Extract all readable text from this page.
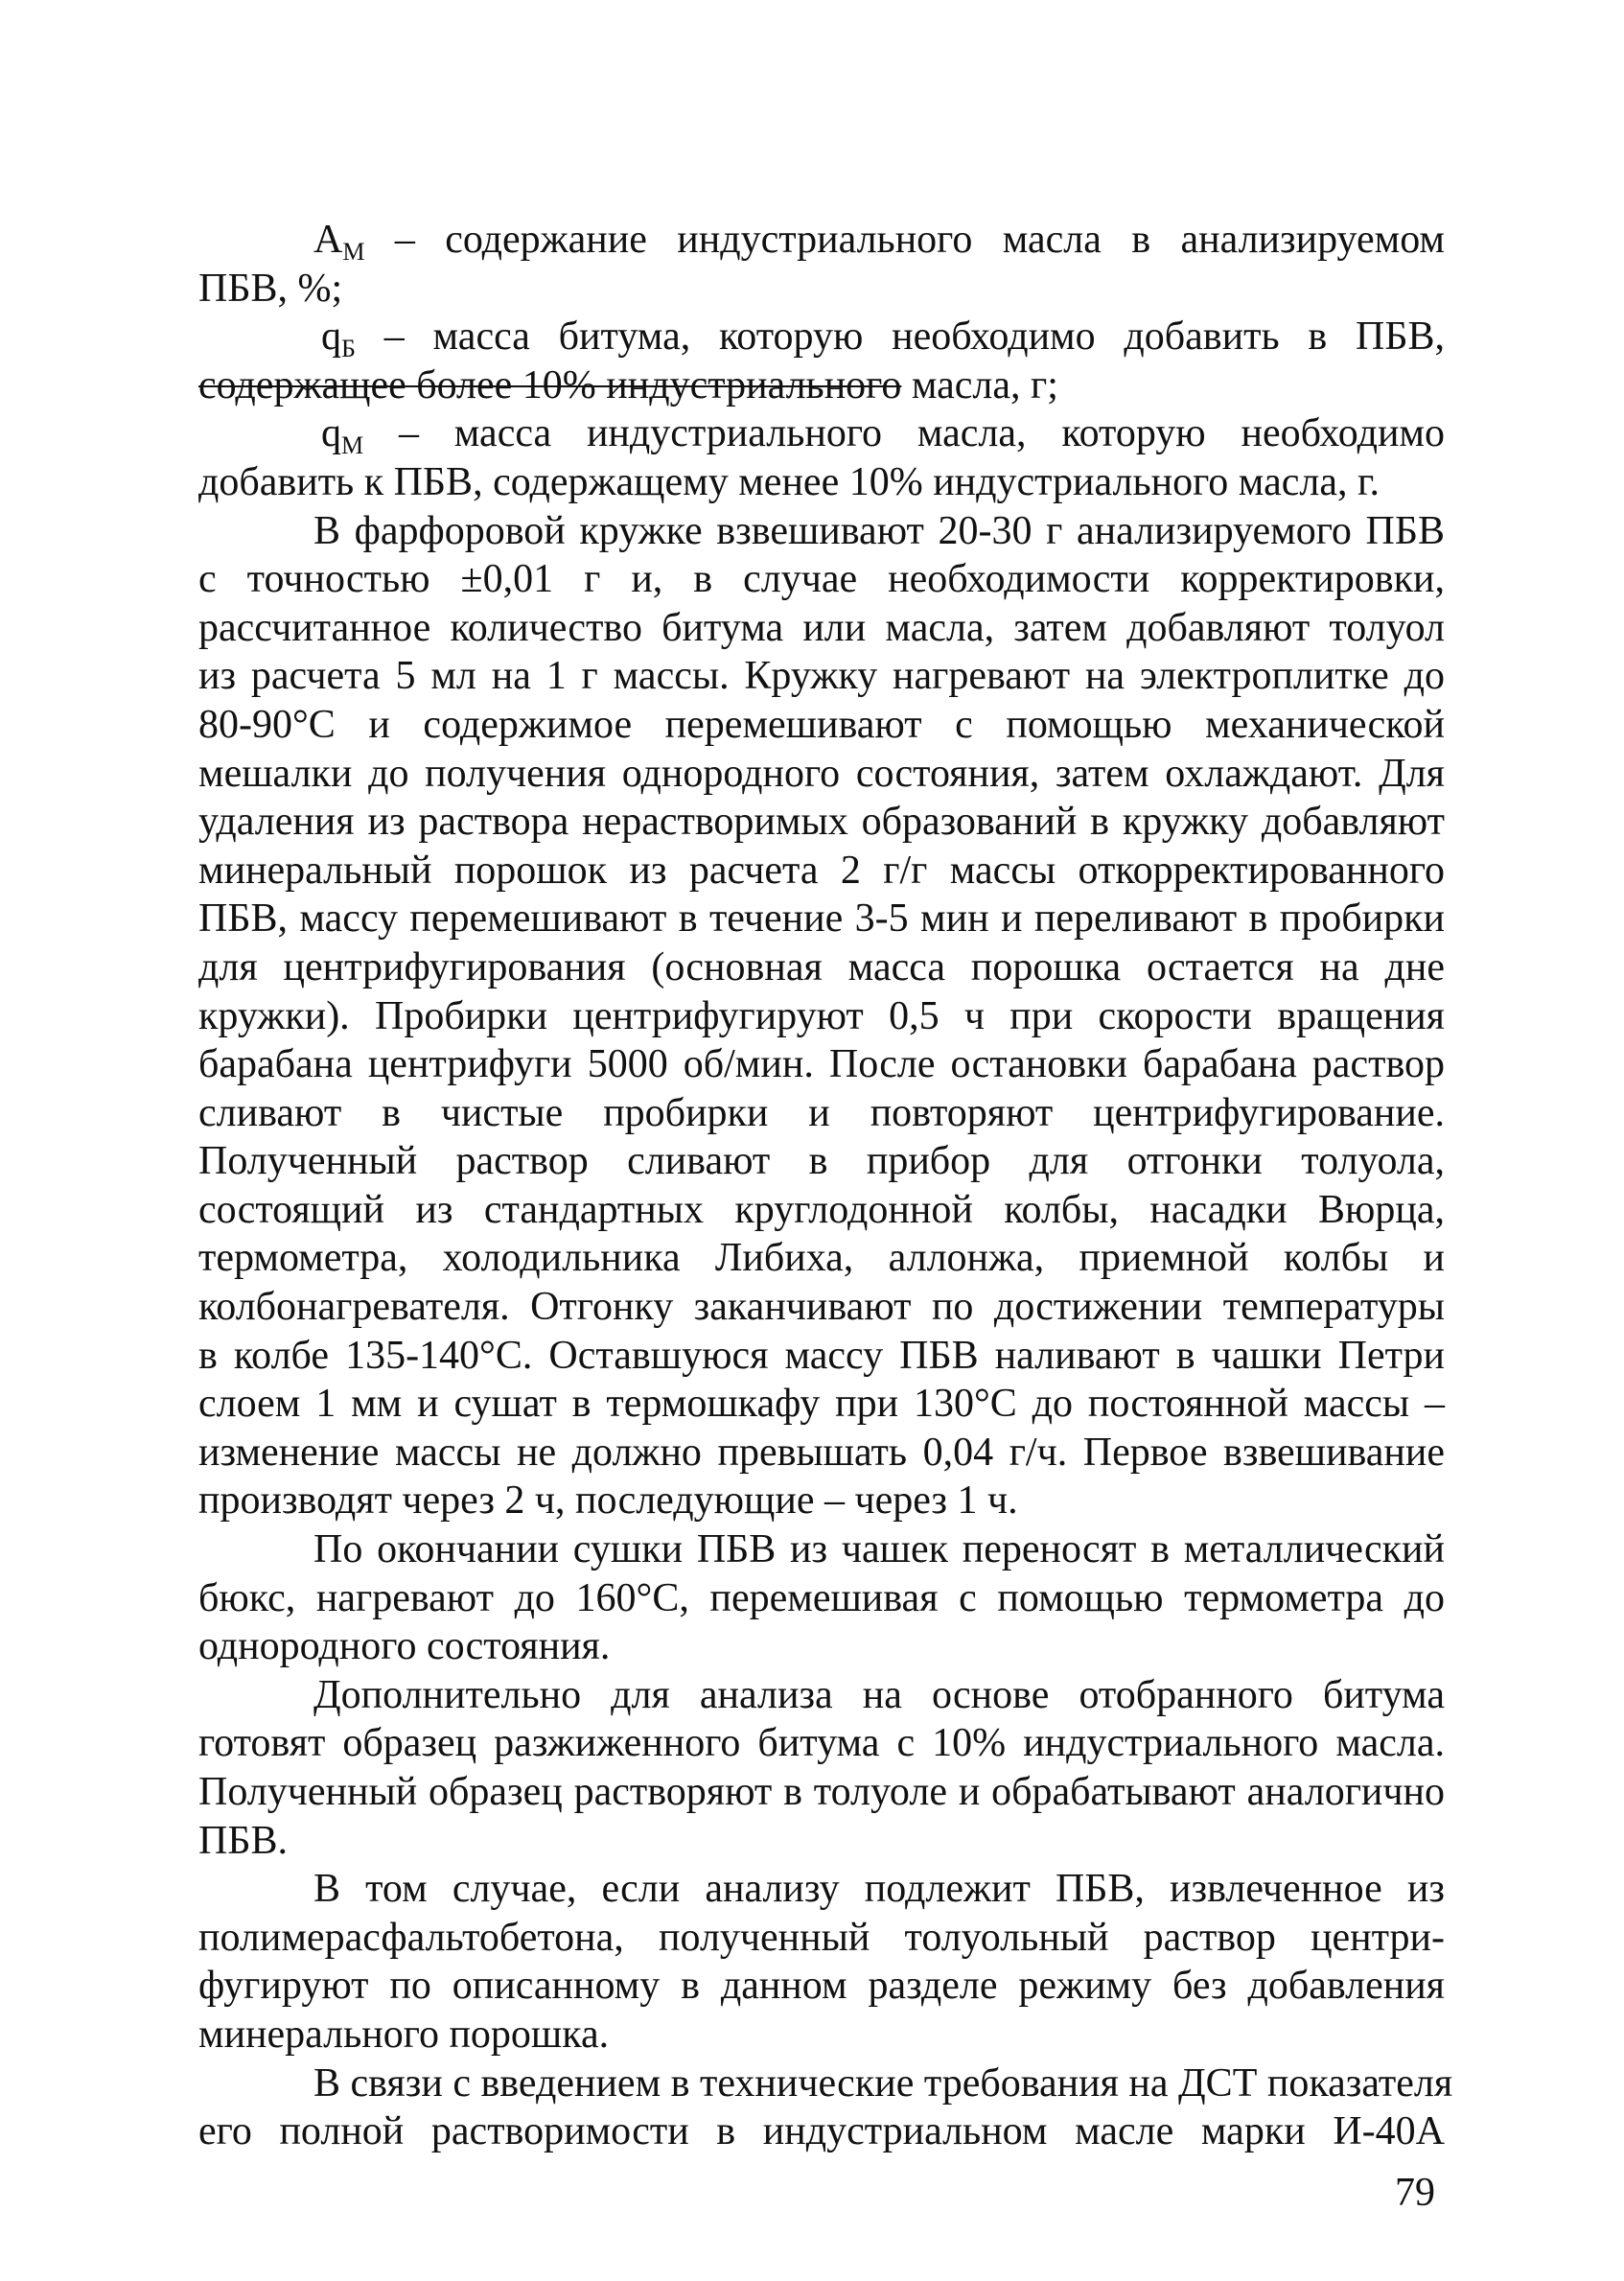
$А_М$ – содержание индустриального масла в анализируемом
ПБВ, %;
$q_Б$ – масса битума, которую необходимо добавить в ПБВ,
содержащее более 10% индустриального масла, г;
$q_М$ – масса индустриального масла, которую необходимо
добавить к ПБВ, содержащему менее 10% индустриального масла, г.
В фарфоровой кружке взвешивают 20-30 г анализируемого ПБВ
с точностью ±0,01 г и, в случае необходимости корректировки,
рассчитанное количество битума или масла, затем добавляют толуол
из расчета 5 мл на 1 г массы. Кружку нагревают на электроплитке до
80-90°С и содержимое перемешивают с помощью механической
мешалки до получения однородного состояния, затем охлаждают. Для
удаления из раствора нерастворимых образований в кружку добавляют
минеральный порошок из расчета 2 г/г массы откорректированного
ПБВ, массу перемешивают в течение 3-5 мин и переливают в пробирки
для центрифугирования (основная масса порошка остается на дне
кружки). Пробирки центрифугируют 0,5 ч при скорости вращения
барабана центрифуги 5000 об/мин. После остановки барабана раствор
сливают в чистые пробирки и повторяют центрифугирование.
Полученный раствор сливают в прибор для отгонки толуола,
состоящий из стандартных круглодонной колбы, насадки Вюрца,
термометра, холодильника Либиха, аллонжа, приемной колбы и
колбонагревателя. Отгонку заканчивают по достижении температуры
в колбе 135-140°С. Оставшуюся массу ПБВ наливают в чашки Петри
слоем 1 мм и сушат в термошкафу при 130°С до постоянной массы –
изменение массы не должно превышать 0,04 г/ч. Первое взвешивание
производят через 2 ч, последующие – через 1 ч.
По окончании сушки ПБВ из чашек переносят в металлический
бюкс, нагревают до 160°С, перемешивая с помощью термометра до
однородного состояния.
Дополнительно для анализа на основе отобранного битума
готовят образец разжиженного битума с 10% индустриального масла.
Полученный образец растворяют в толуоле и обрабатывают аналогично
ПБВ.
В том случае, если анализу подлежит ПБВ, извлеченное из
полимерасфальтобетона, полученный толуольный раствор центри-
фугируют по описанному в данном разделе режиму без добавления
минерального порошка.
В связи с введением в технические требования на ДСТ показателя
его полной растворимости в индустриальном масле марки И-40А
79
